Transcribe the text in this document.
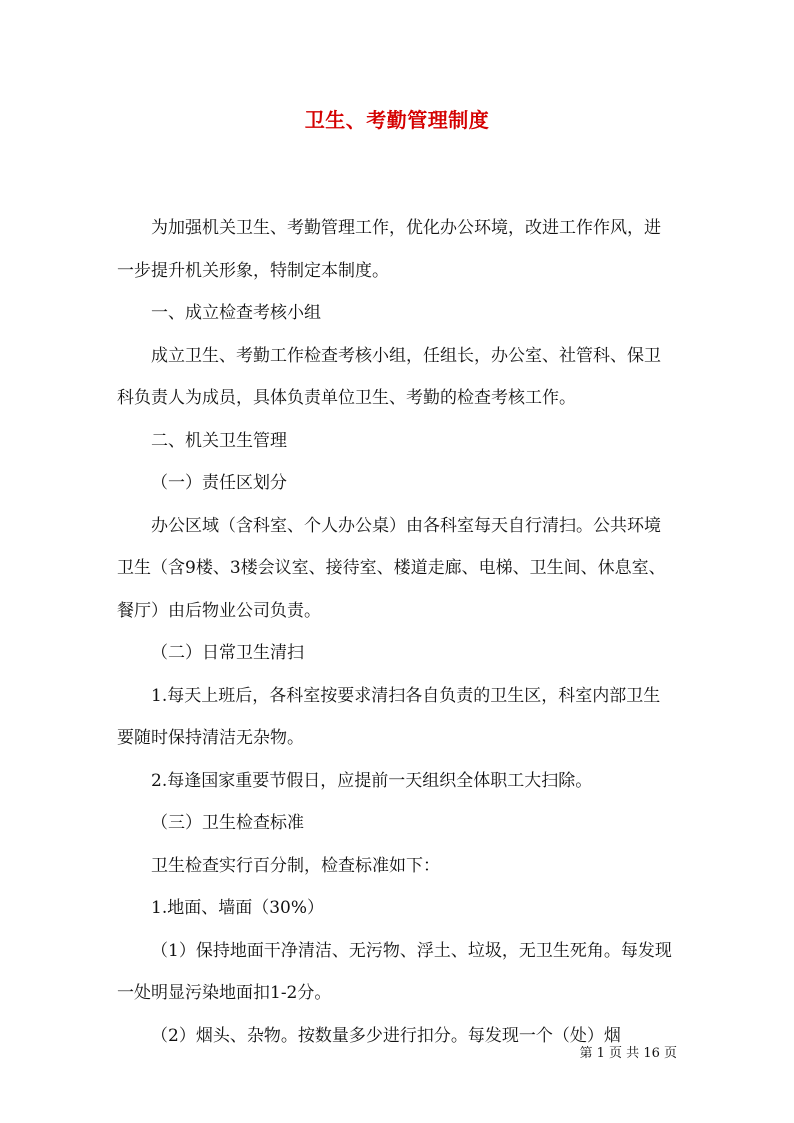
卫生、考勤管理制度

为加强机关卫生、考勤管理工作，优化办公环境，改进工作作风，进一步提升机关形象，特制定本制度。

一、成立检查考核小组

成立卫生、考勤工作检查考核小组，任组长，办公室、社管科、保卫科负责人为成员，具体负责单位卫生、考勤的检查考核工作。

二、机关卫生管理

（一）责任区划分

办公区域（含科室、个人办公桌）由各科室每天自行清扫。公共环境卫生（含9楼、3楼会议室、接待室、楼道走廊、电梯、卫生间、休息室、餐厅）由后物业公司负责。

（二）日常卫生清扫

1.每天上班后，各科室按要求清扫各自负责的卫生区，科室内部卫生要随时保持清洁无杂物。

2.每逢国家重要节假日，应提前一天组织全体职工大扫除。

（三）卫生检查标准

卫生检查实行百分制，检查标准如下：

1.地面、墙面（30%）

（1）保持地面干净清洁、无污物、浮土、垃圾，无卫生死角。每发现一处明显污染地面扣1-2分。

（2）烟头、杂物。按数量多少进行扣分。每发现一个（处）烟

第 1 页 共 16 页
